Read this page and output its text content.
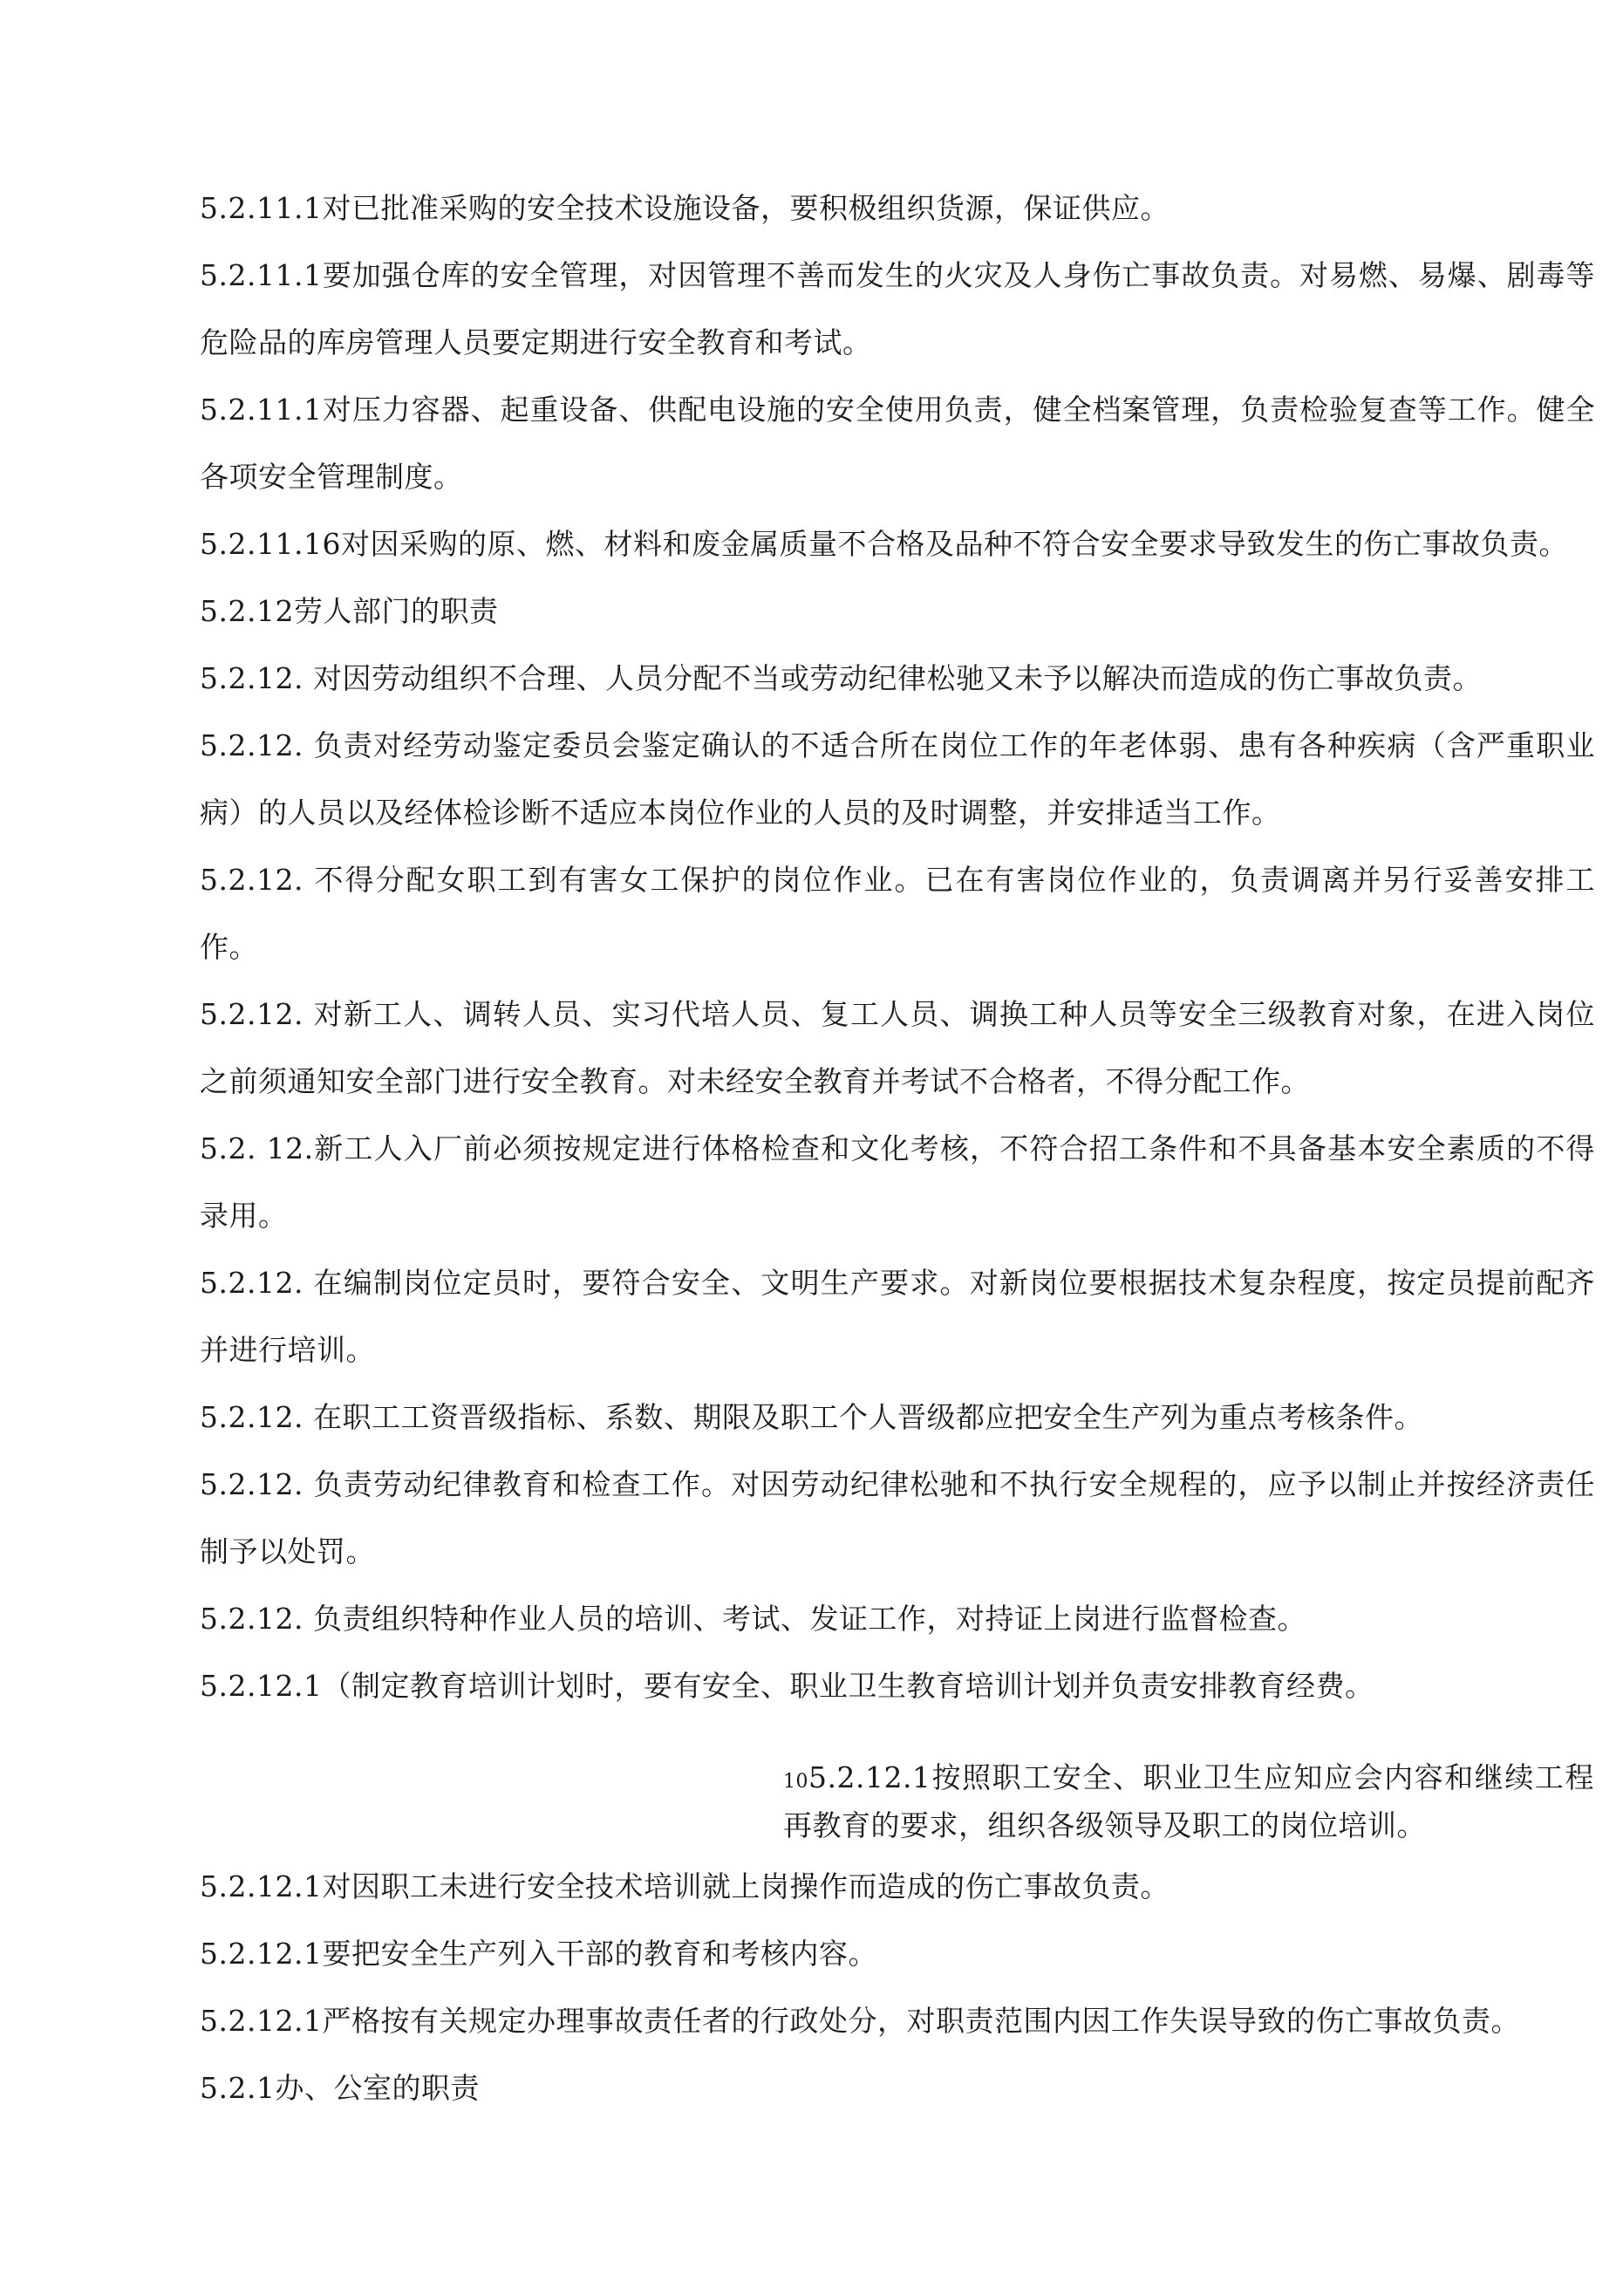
5.2.11.1对已批准采购的安全技术设施设备，要积极组织货源，保证供应。

5.2.11.1要加强仓库的安全管理，对因管理不善而发生的火灾及人身伤亡事故负责。对易燃、易爆、剧毒等危险品的库房管理人员要定期进行安全教育和考试。

5.2.11.1对压力容器、起重设备、供配电设施的安全使用负责，健全档案管理，负责检验复查等工作。健全各项安全管理制度。

5.2.11.16对因采购的原、燃、材料和废金属质量不合格及品种不符合安全要求导致发生的伤亡事故负责。

5.2.12劳人部门的职责

5.2.12. 对因劳动组织不合理、人员分配不当或劳动纪律松驰又未予以解决而造成的伤亡事故负责。

5.2.12. 负责对经劳动鉴定委员会鉴定确认的不适合所在岗位工作的年老体弱、患有各种疾病（含严重职业病）的人员以及经体检诊断不适应本岗位作业的人员的及时调整，并安排适当工作。

5.2.12. 不得分配女职工到有害女工保护的岗位作业。已在有害岗位作业的，负责调离并另行妥善安排工作。

5.2.12. 对新工人、调转人员、实习代培人员、复工人员、调换工种人员等安全三级教育对象，在进入岗位之前须通知安全部门进行安全教育。对未经安全教育并考试不合格者，不得分配工作。

5.2. 12.新工人入厂前必须按规定进行体格检查和文化考核，不符合招工条件和不具备基本安全素质的不得录用。

5.2.12. 在编制岗位定员时，要符合安全、文明生产要求。对新岗位要根据技术复杂程度，按定员提前配齐并进行培训。

5.2.12. 在职工工资晋级指标、系数、期限及职工个人晋级都应把安全生产列为重点考核条件。

5.2.12. 负责劳动纪律教育和检查工作。对因劳动纪律松驰和不执行安全规程的，应予以制止并按经济责任制予以处罚。

5.2.12. 负责组织特种作业人员的培训、考试、发证工作，对持证上岗进行监督检查。

5.2.12.1（制定教育培训计划时，要有安全、职业卫生教育培训计划并负责安排教育经费。

105.2.12.1按照职工安全、职业卫生应知应会内容和继续工程再教育的要求，组织各级领导及职工的岗位培训。

5.2.12.1对因职工未进行安全技术培训就上岗操作而造成的伤亡事故负责。

5.2.12.1要把安全生产列入干部的教育和考核内容。

5.2.12.1严格按有关规定办理事故责任者的行政处分，对职责范围内因工作失误导致的伤亡事故负责。

5.2.1办、公室的职责
